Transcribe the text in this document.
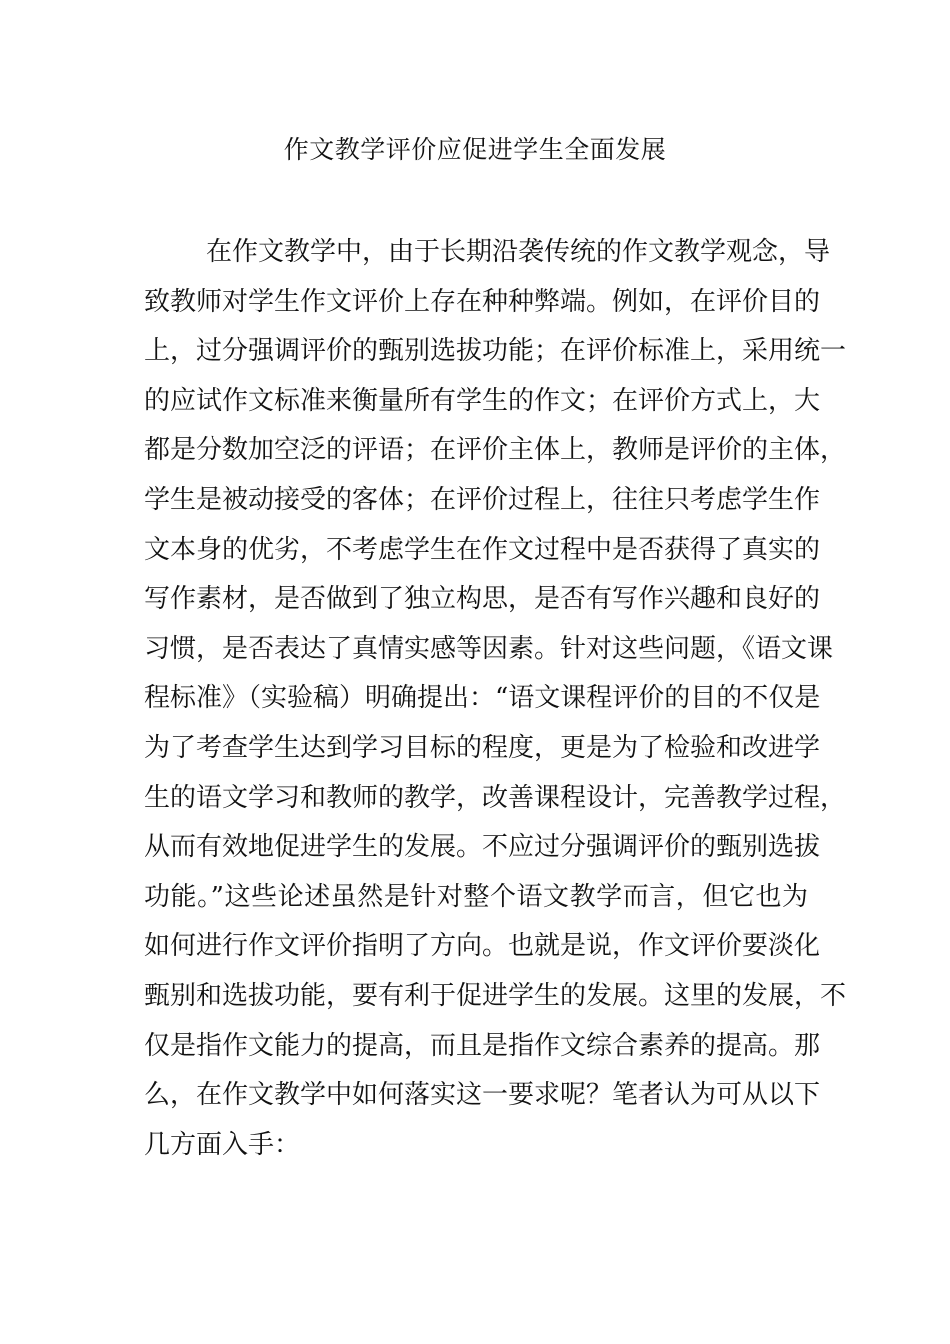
作文教学评价应促进学生全面发展
在作文教学中，由于长期沿袭传统的作文教学观念，导
致教师对学生作文评价上存在种种弊端。例如，在评价目的
上，过分强调评价的甄别选拔功能；在评价标准上，采用统一
的应试作文标准来衡量所有学生的作文；在评价方式上，大
都是分数加空泛的评语；在评价主体上，教师是评价的主体，
学生是被动接受的客体；在评价过程上，往往只考虑学生作
文本身的优劣，不考虑学生在作文过程中是否获得了真实的
写作素材，是否做到了独立构思，是否有写作兴趣和良好的
习惯，是否表达了真情实感等因素。针对这些问题，《语文课
程标准》（实验稿）明确提出：“语文课程评价的目的不仅是
为了考查学生达到学习目标的程度，更是为了检验和改进学
生的语文学习和教师的教学，改善课程设计，完善教学过程，
从而有效地促进学生的发展。不应过分强调评价的甄别选拔
功能。”这些论述虽然是针对整个语文教学而言，但它也为
如何进行作文评价指明了方向。也就是说，作文评价要淡化
甄别和选拔功能，要有利于促进学生的发展。这里的发展，不
仅是指作文能力的提高，而且是指作文综合素养的提高。那
么，在作文教学中如何落实这一要求呢？笔者认为可从以下
几方面入手：
